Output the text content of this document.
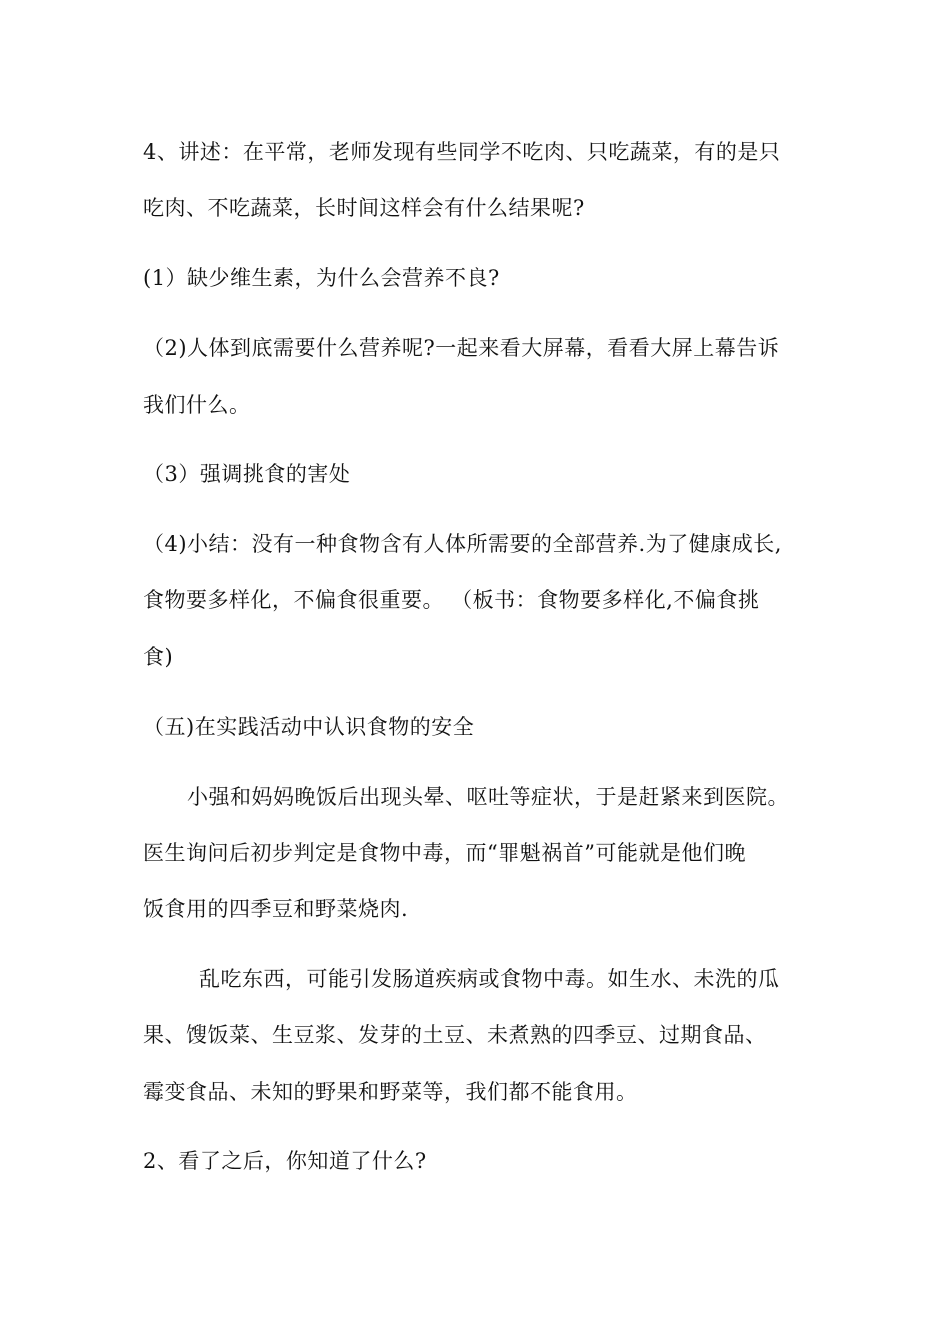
4、讲述：在平常，老师发现有些同学不吃肉、只吃蔬菜，有的是只
吃肉、不吃蔬菜，长时间这样会有什么结果呢?
(1）缺少维生素，为什么会营养不良?
（2)人体到底需要什么营养呢?一起来看大屏幕，看看大屏上幕告诉
我们什么。
（3）强调挑食的害处
（4)小结：没有一种食物含有人体所需要的全部营养.为了健康成长,
食物要多样化，不偏食很重要。 （板书：食物要多样化,不偏食挑
食)
（五)在实践活动中认识食物的安全
小强和妈妈晚饭后出现头晕、呕吐等症状，于是赶紧来到医院。
医生询问后初步判定是食物中毒，而“罪魁祸首”可能就是他们晚
饭食用的四季豆和野菜烧肉.
乱吃东西，可能引发肠道疾病或食物中毒。如生水、未洗的瓜
果、馊饭菜、生豆浆、发芽的土豆、未煮熟的四季豆、过期食品、
霉变食品、未知的野果和野菜等，我们都不能食用。
2、看了之后，你知道了什么?
